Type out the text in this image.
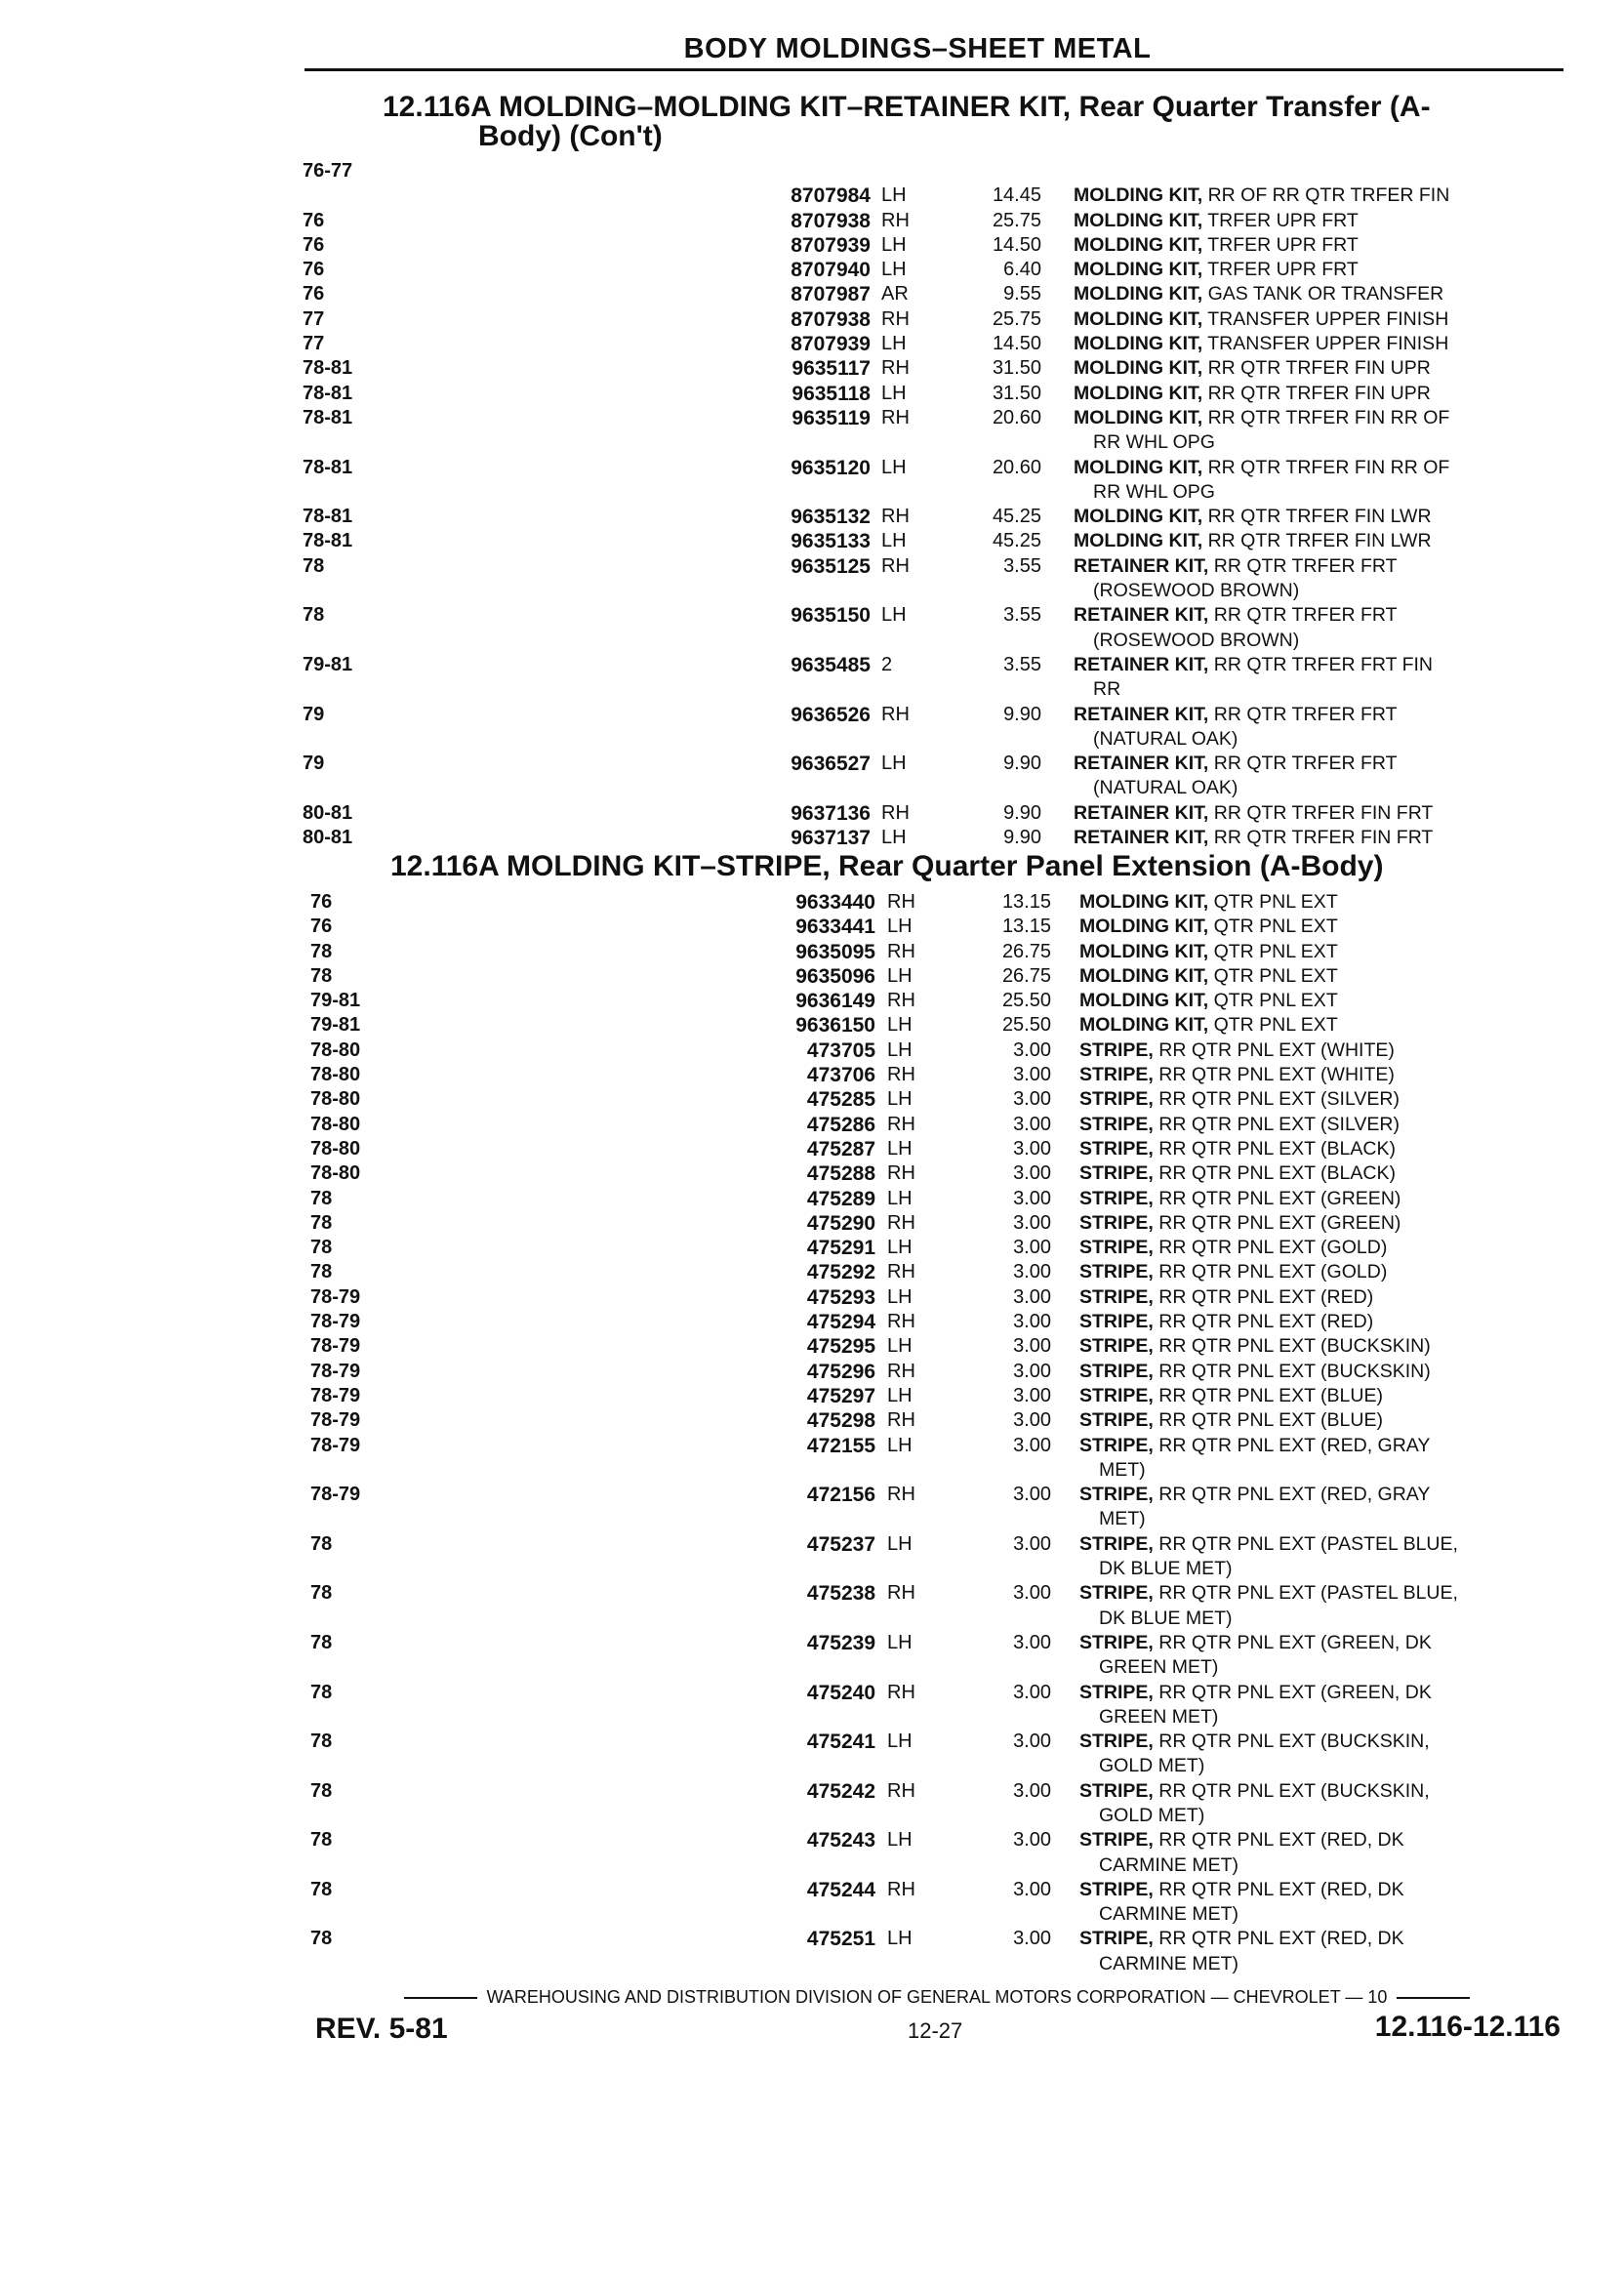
BODY MOLDINGS–SHEET METAL
12.116A MOLDING–MOLDING KIT–RETAINER KIT, Rear Quarter Transfer (A-
Body) (Con't)
76-77
8707984 LH	14.45 MOLDING KIT, RR OF RR QTR TRFER FIN
76	8707938 RH	25.75 MOLDING KIT, TRFER UPR FRT
76	8707939 LH	14.50 MOLDING KIT, TRFER UPR FRT
76	8707940 LH	6.40 MOLDING KIT, TRFER UPR FRT
76	8707987 AR	9.55 MOLDING KIT, GAS TANK OR TRANSFER
77	8707938 RH	25.75 MOLDING KIT, TRANSFER UPPER FINISH
77	8707939 LH	14.50 MOLDING KIT, TRANSFER UPPER FINISH
78-81	9635117 RH	31.50 MOLDING KIT, RR QTR TRFER FIN UPR
78-81	9635118 LH	31.50 MOLDING KIT, RR QTR TRFER FIN UPR
78-81	9635119 RH	20.60 MOLDING KIT, RR QTR TRFER FIN RR OF
RR WHL OPG
78-81	9635120 LH	20.60 MOLDING KIT, RR QTR TRFER FIN RR OF
RR WHL OPG
78-81	9635132 RH	45.25 MOLDING KIT, RR QTR TRFER FIN LWR
78-81	9635133 LH	45.25 MOLDING KIT, RR QTR TRFER FIN LWR
78	9635125 RH	3.55 RETAINER KIT, RR QTR TRFER FRT
(ROSEWOOD BROWN)
78	9635150 LH	3.55 RETAINER KIT, RR QTR TRFER FRT
(ROSEWOOD BROWN)
79-81	9635485 2	3.55 RETAINER KIT, RR QTR TRFER FRT FIN
RR
79	9636526 RH	9.90 RETAINER KIT, RR QTR TRFER FRT
(NATURAL OAK)
79	9636527 LH	9.90 RETAINER KIT, RR QTR TRFER FRT
(NATURAL OAK)
80-81	9637136 RH	9.90 RETAINER KIT, RR QTR TRFER FIN FRT
80-81	9637137 LH	9.90 RETAINER KIT, RR QTR TRFER FIN FRT
12.116A MOLDING KIT–STRIPE, Rear Quarter Panel Extension (A-Body)
76	9633440 RH	13.15 MOLDING KIT, QTR PNL EXT
76	9633441 LH	13.15 MOLDING KIT, QTR PNL EXT
78	9635095 RH	26.75 MOLDING KIT, QTR PNL EXT
78	9635096 LH	26.75 MOLDING KIT, QTR PNL EXT
79-81	9636149 RH	25.50 MOLDING KIT, QTR PNL EXT
79-81	9636150 LH	25.50 MOLDING KIT, QTR PNL EXT
78-80	473705 LH	3.00 STRIPE, RR QTR PNL EXT (WHITE)
78-80	473706 RH	3.00 STRIPE, RR QTR PNL EXT (WHITE)
78-80	475285 LH	3.00 STRIPE, RR QTR PNL EXT (SILVER)
78-80	475286 RH	3.00 STRIPE, RR QTR PNL EXT (SILVER)
78-80	475287 LH	3.00 STRIPE, RR QTR PNL EXT (BLACK)
78-80	475288 RH	3.00 STRIPE, RR QTR PNL EXT (BLACK)
78	475289 LH	3.00 STRIPE, RR QTR PNL EXT (GREEN)
78	475290 RH	3.00 STRIPE, RR QTR PNL EXT (GREEN)
78	475291 LH	3.00 STRIPE, RR QTR PNL EXT (GOLD)
78	475292 RH	3.00 STRIPE, RR QTR PNL EXT (GOLD)
78-79	475293 LH	3.00 STRIPE, RR QTR PNL EXT (RED)
78-79	475294 RH	3.00 STRIPE, RR QTR PNL EXT (RED)
78-79	475295 LH	3.00 STRIPE, RR QTR PNL EXT (BUCKSKIN)
78-79	475296 RH	3.00 STRIPE, RR QTR PNL EXT (BUCKSKIN)
78-79	475297 LH	3.00 STRIPE, RR QTR PNL EXT (BLUE)
78-79	475298 RH	3.00 STRIPE, RR QTR PNL EXT (BLUE)
78-79	472155 LH	3.00 STRIPE, RR QTR PNL EXT (RED, GRAY
MET)
78-79	472156 RH	3.00 STRIPE, RR QTR PNL EXT (RED, GRAY
MET)
78	475237 LH	3.00 STRIPE, RR QTR PNL EXT (PASTEL BLUE,
DK BLUE MET)
78	475238 RH	3.00 STRIPE, RR QTR PNL EXT (PASTEL BLUE,
DK BLUE MET)
78	475239 LH	3.00 STRIPE, RR QTR PNL EXT (GREEN, DK
GREEN MET)
78	475240 RH	3.00 STRIPE, RR QTR PNL EXT (GREEN, DK
GREEN MET)
78	475241 LH	3.00 STRIPE, RR QTR PNL EXT (BUCKSKIN,
GOLD MET)
78	475242 RH	3.00 STRIPE, RR QTR PNL EXT (BUCKSKIN,
GOLD MET)
78	475243 LH	3.00 STRIPE, RR QTR PNL EXT (RED, DK
CARMINE MET)
78	475244 RH	3.00 STRIPE, RR QTR PNL EXT (RED, DK
CARMINE MET)
78	475251 LH	3.00 STRIPE, RR QTR PNL EXT (RED, DK
CARMINE MET)
WAREHOUSING AND DISTRIBUTION DIVISION OF GENERAL MOTORS CORPORATION — CHEVROLET — 10
REV. 5-81	12-27	12.116-12.116
